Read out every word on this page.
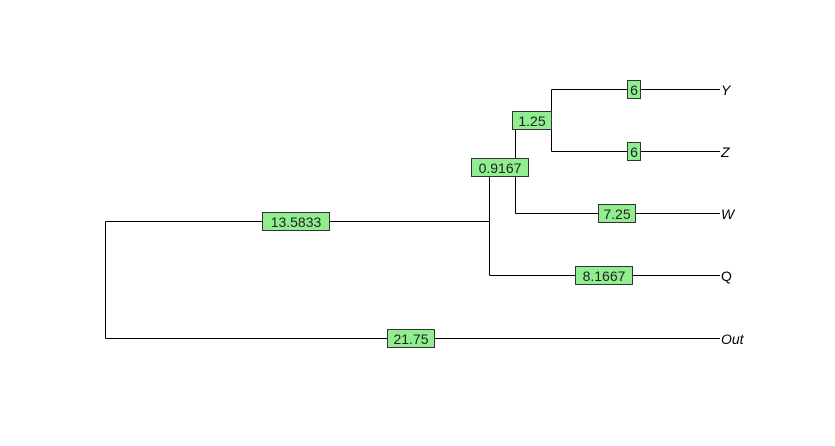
6
1.25
6
0.9167
7.25
13.5833
8.1667
21.75
Y
Z
W
Q
Out
